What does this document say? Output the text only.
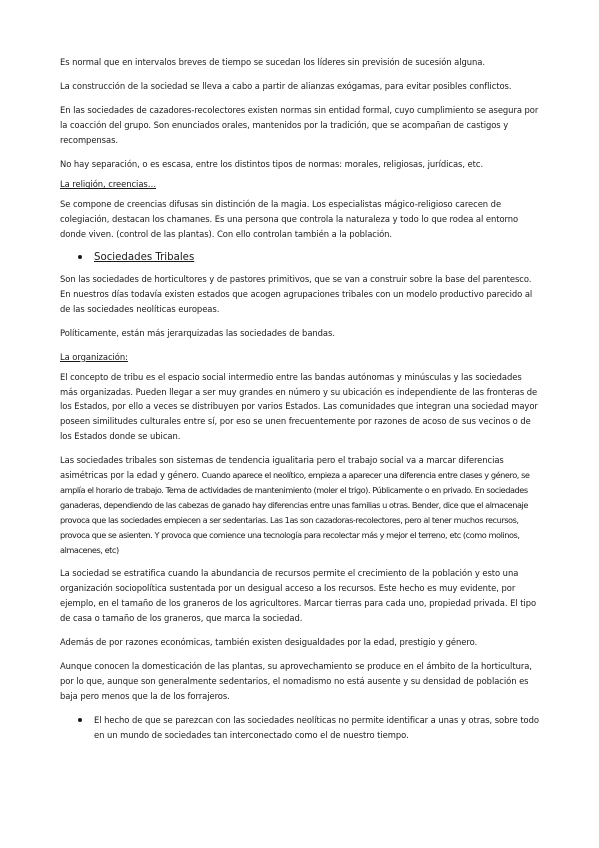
Es normal que en intervalos breves de tiempo se sucedan los líderes sin previsión de sucesión alguna.

La construcción de la sociedad se lleva a cabo a partir de alianzas exógamas, para evitar posibles conflictos.

En las sociedades de cazadores-recolectores existen normas sin entidad formal, cuyo cumplimiento se asegura por la coacción del grupo. Son enunciados orales, mantenidos por la tradición, que se acompañan de castigos y recompensas.

No hay separación, o es escasa, entre los distintos tipos de normas: morales, religiosas, jurídicas, etc.

La religión, creencias…

Se compone de creencias difusas sin distinción de la magia. Los especialistas mágico-religioso carecen de colegiación, destacan los chamanes. Es una persona que controla la naturaleza y todo lo que rodea al entorno donde viven. (control de las plantas). Con ello controlan también a la población.

Sociedades Tribales

Son las sociedades de horticultores y de pastores primitivos, que se van a construir sobre la base del parentesco. En nuestros días todavía existen estados que acogen agrupaciones tribales con un modelo productivo parecido al de las sociedades neolíticas europeas.

Políticamente, están más jerarquizadas las sociedades de bandas.

La organización:

El concepto de tribu es el espacio social intermedio entre las bandas autónomas y minúsculas y las sociedades más organizadas. Pueden llegar a ser muy grandes en número y su ubicación es independiente de las fronteras de los Estados, por ello a veces se distribuyen por varios Estados. Las comunidades que integran una sociedad mayor poseen similitudes culturales entre sí, por eso se unen frecuentemente por razones de acoso de sus vecinos o de los Estados donde se ubican.

Las sociedades tribales son sistemas de tendencia igualitaria pero el trabajo social va a marcar diferencias asimétricas por la edad y género. Cuando aparece el neolítico, empieza a aparecer una diferencia entre clases y género, se amplía el horario de trabajo. Tema de actividades de mantenimiento (moler el trigo). Públicamente o en privado. En sociedades ganaderas, dependiendo de las cabezas de ganado hay diferencias entre unas familias u otras. Bender, dice que el almacenaje provoca que las sociedades empiecen a ser sedentarias. Las 1as son cazadoras-recolectores, pero al tener muchos recursos, provoca que se asienten. Y provoca que comience una tecnología para recolectar más y mejor el terreno, etc (como molinos, almacenes, etc)

La sociedad se estratifica cuando la abundancia de recursos permite el crecimiento de la población y esto una organización sociopolítica sustentada por un desigual acceso a los recursos. Este hecho es muy evidente, por ejemplo, en el tamaño de los graneros de los agricultores. Marcar tierras para cada uno, propiedad privada. El tipo de casa o tamaño de los graneros, que marca la sociedad.

Además de por razones económicas, también existen desigualdades por la edad, prestigio y género.

Aunque conocen la domesticación de las plantas, su aprovechamiento se produce en el ámbito de la horticultura, por lo que, aunque son generalmente sedentarios, el nomadismo no está ausente y su densidad de población es baja pero menos que la de los forrajeros.

El hecho de que se parezcan con las sociedades neolíticas no permite identificar a unas y otras, sobre todo en un mundo de sociedades tan interconectado como el de nuestro tiempo.
